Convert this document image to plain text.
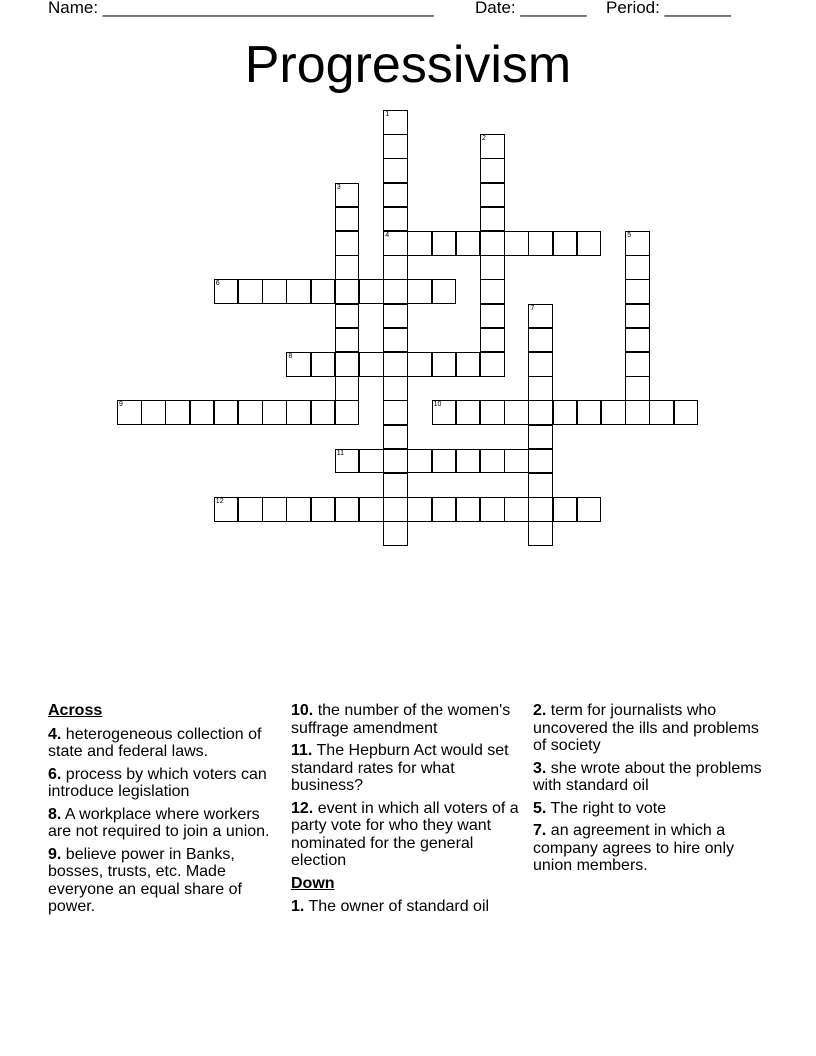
Name: ___________________________________ Date: _______ Period: _______
Progressivism
1
4
2
3
5
6
7
8
9	10
11
12
Across
4. heterogeneous collection of state and federal laws.
6. process by which voters can introduce legislation
8. A workplace where workers are not required to join a union.
9. believe power in Banks, bosses, trusts, etc. Made everyone an equal share of power.
10. the number of the women's suffrage amendment
11. The Hepburn Act would set standard rates for what business?
12. event in which all voters of a party vote for who they want nominated for the general election
Down
1. The owner of standard oil
2. term for journalists who uncovered the ills and problems of society
3. she wrote about the problems with standard oil
5. The right to vote
7. an agreement in which a company agrees to hire only union members.
